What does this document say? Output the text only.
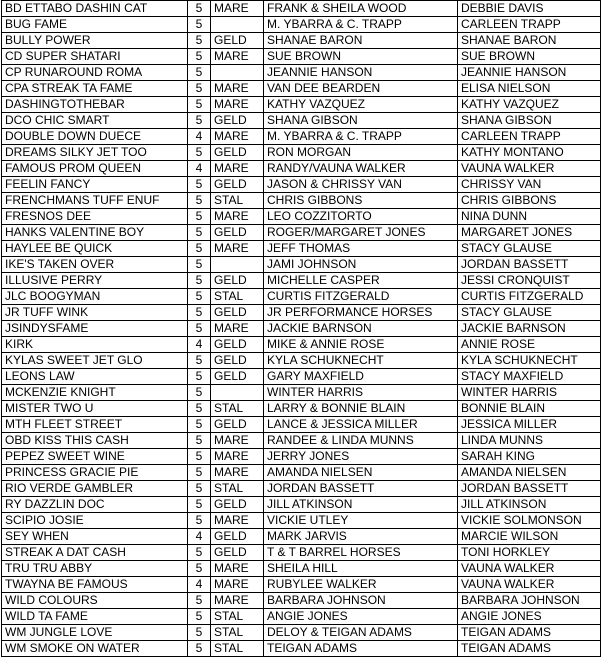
BD ETTABO DASHIN CAT	5	MARE	FRANK & SHEILA WOOD	DEBBIE DAVIS
BUG FAME	5		M. YBARRA & C. TRAPP	CARLEEN TRAPP
BULLY POWER	5	GELD	SHANAE BARON	SHANAE BARON
CD SUPER SHATARI	5	MARE	SUE BROWN	SUE BROWN
CP RUNAROUND ROMA	5		JEANNIE HANSON	JEANNIE HANSON
CPA STREAK TA FAME	5	MARE	VAN DEE BEARDEN	ELISA NIELSON
DASHINGTOTHEBAR	5	MARE	KATHY VAZQUEZ	KATHY VAZQUEZ
DCO CHIC SMART	5	GELD	SHANA GIBSON	SHANA GIBSON
DOUBLE DOWN DUECE	4	MARE	M. YBARRA & C. TRAPP	CARLEEN TRAPP
DREAMS SILKY JET TOO	5	GELD	RON MORGAN	KATHY MONTANO
FAMOUS PROM QUEEN	4	MARE	RANDY/VAUNA WALKER	VAUNA WALKER
FEELIN FANCY	5	GELD	JASON & CHRISSY VAN	CHRISSY VAN
FRENCHMANS TUFF ENUF	5	STAL	CHRIS GIBBONS	CHRIS GIBBONS
FRESNOS DEE	5	MARE	LEO COZZITORTO	NINA DUNN
HANKS VALENTINE BOY	5	GELD	ROGER/MARGARET JONES	MARGARET JONES
HAYLEE BE QUICK	5	MARE	JEFF THOMAS	STACY GLAUSE
IKE'S TAKEN OVER	5		JAMI JOHNSON	JORDAN BASSETT
ILLUSIVE PERRY	5	GELD	MICHELLE CASPER	JESSI CRONQUIST
JLC BOOGYMAN	5	STAL	CURTIS FITZGERALD	CURTIS FITZGERALD
JR TUFF WINK	5	GELD	JR PERFORMANCE HORSES	STACY GLAUSE
JSINDYSFAME	5	MARE	JACKIE BARNSON	JACKIE BARNSON
KIRK	4	GELD	MIKE & ANNIE ROSE	ANNIE ROSE
KYLAS SWEET JET GLO	5	GELD	KYLA SCHUKNECHT	KYLA SCHUKNECHT
LEONS LAW	5	GELD	GARY MAXFIELD	STACY MAXFIELD
MCKENZIE KNIGHT	5		WINTER HARRIS	WINTER HARRIS
MISTER TWO U	5	STAL	LARRY & BONNIE BLAIN	BONNIE BLAIN
MTH FLEET STREET	5	GELD	LANCE & JESSICA MILLER	JESSICA MILLER
OBD KISS THIS CASH	5	MARE	RANDEE & LINDA MUNNS	LINDA MUNNS
PEPEZ SWEET WINE	5	MARE	JERRY JONES	SARAH KING
PRINCESS GRACIE PIE	5	MARE	AMANDA NIELSEN	AMANDA NIELSEN
RIO VERDE GAMBLER	5	STAL	JORDAN BASSETT	JORDAN BASSETT
RY DAZZLIN DOC	5	GELD	JILL ATKINSON	JILL ATKINSON
SCIPIO JOSIE	5	MARE	VICKIE UTLEY	VICKIE SOLMONSON
SEY WHEN	4	GELD	MARK JARVIS	MARCIE WILSON
STREAK A DAT CASH	5	GELD	T & T BARREL HORSES	TONI HORKLEY
TRU TRU ABBY	5	MARE	SHEILA HILL	VAUNA WALKER
TWAYNA BE FAMOUS	4	MARE	RUBYLEE WALKER	VAUNA WALKER
WILD COLOURS	5	MARE	BARBARA JOHNSON	BARBARA JOHNSON
WILD TA FAME	5	STAL	ANGIE JONES	ANGIE JONES
WM JUNGLE LOVE	5	STAL	DELOY & TEIGAN ADAMS	TEIGAN ADAMS
WM SMOKE ON WATER	5	STAL	TEIGAN ADAMS	TEIGAN ADAMS
